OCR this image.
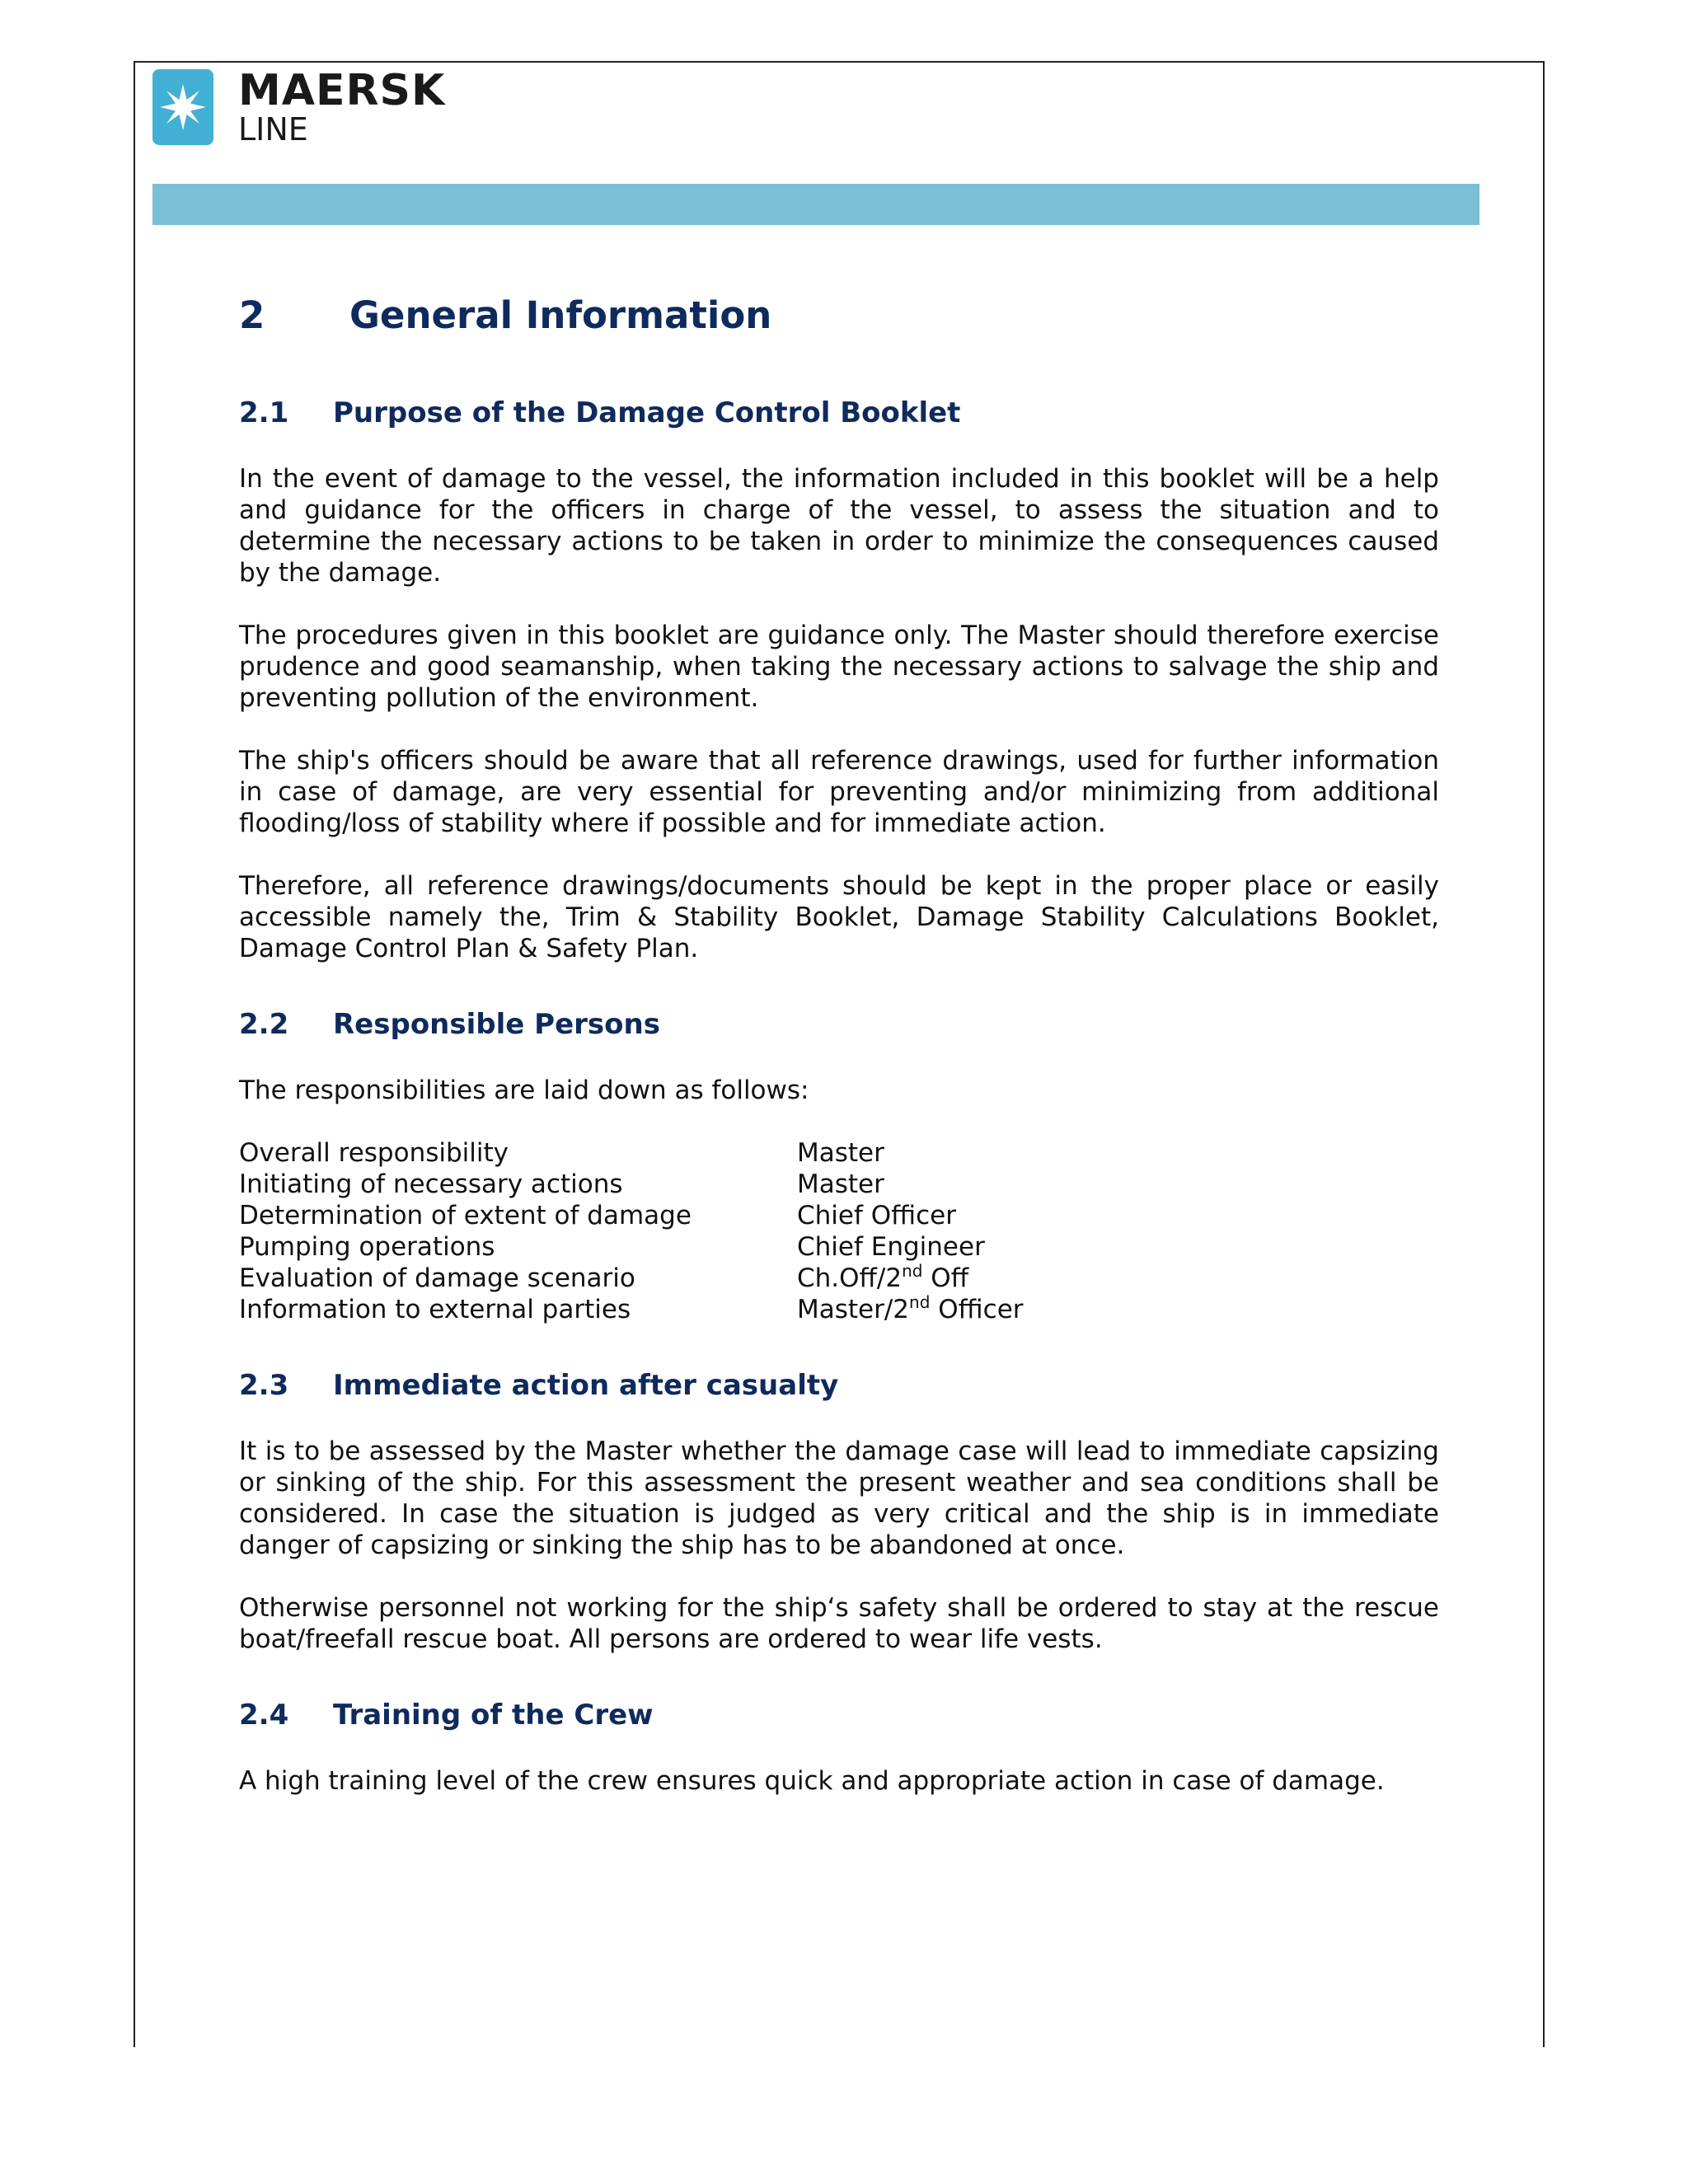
MAERSK
LINE
2 General Information
2.1 Purpose of the Damage Control Booklet

In the event of damage to the vessel, the information included in this booklet will be a help and guidance for the officers in charge of the vessel, to assess the situation and to determine the necessary actions to be taken in order to minimize the consequences caused by the damage.

The procedures given in this booklet are guidance only. The Master should therefore exercise prudence and good seamanship, when taking the necessary actions to salvage the ship and preventing pollution of the environment.

The ship's officers should be aware that all reference drawings, used for further information in case of damage, are very essential for preventing and/or minimizing from additional flooding/loss of stability where if possible and for immediate action.

Therefore, all reference drawings/documents should be kept in the proper place or easily accessible namely the, Trim & Stability Booklet, Damage Stability Calculations Booklet, Damage Control Plan & Safety Plan.

2.2 Responsible Persons

The responsibilities are laid down as follows:

Overall responsibility	Master
Initiating of necessary actions	Master
Determination of extent of damage	Chief Officer
Pumping operations	Chief Engineer
Evaluation of damage scenario	Ch.Off/2nd Off
Information to external parties	Master/2nd Officer
2.3 Immediate action after casualty

It is to be assessed by the Master whether the damage case will lead to immediate capsizing or sinking of the ship. For this assessment the present weather and sea conditions shall be considered. In case the situation is judged as very critical and the ship is in immediate danger of capsizing or sinking the ship has to be abandoned at once.

Otherwise personnel not working for the ship‘s safety shall be ordered to stay at the rescue boat/freefall rescue boat. All persons are ordered to wear life vests.

2.4 Training of the Crew

A high training level of the crew ensures quick and appropriate action in case of damage.
